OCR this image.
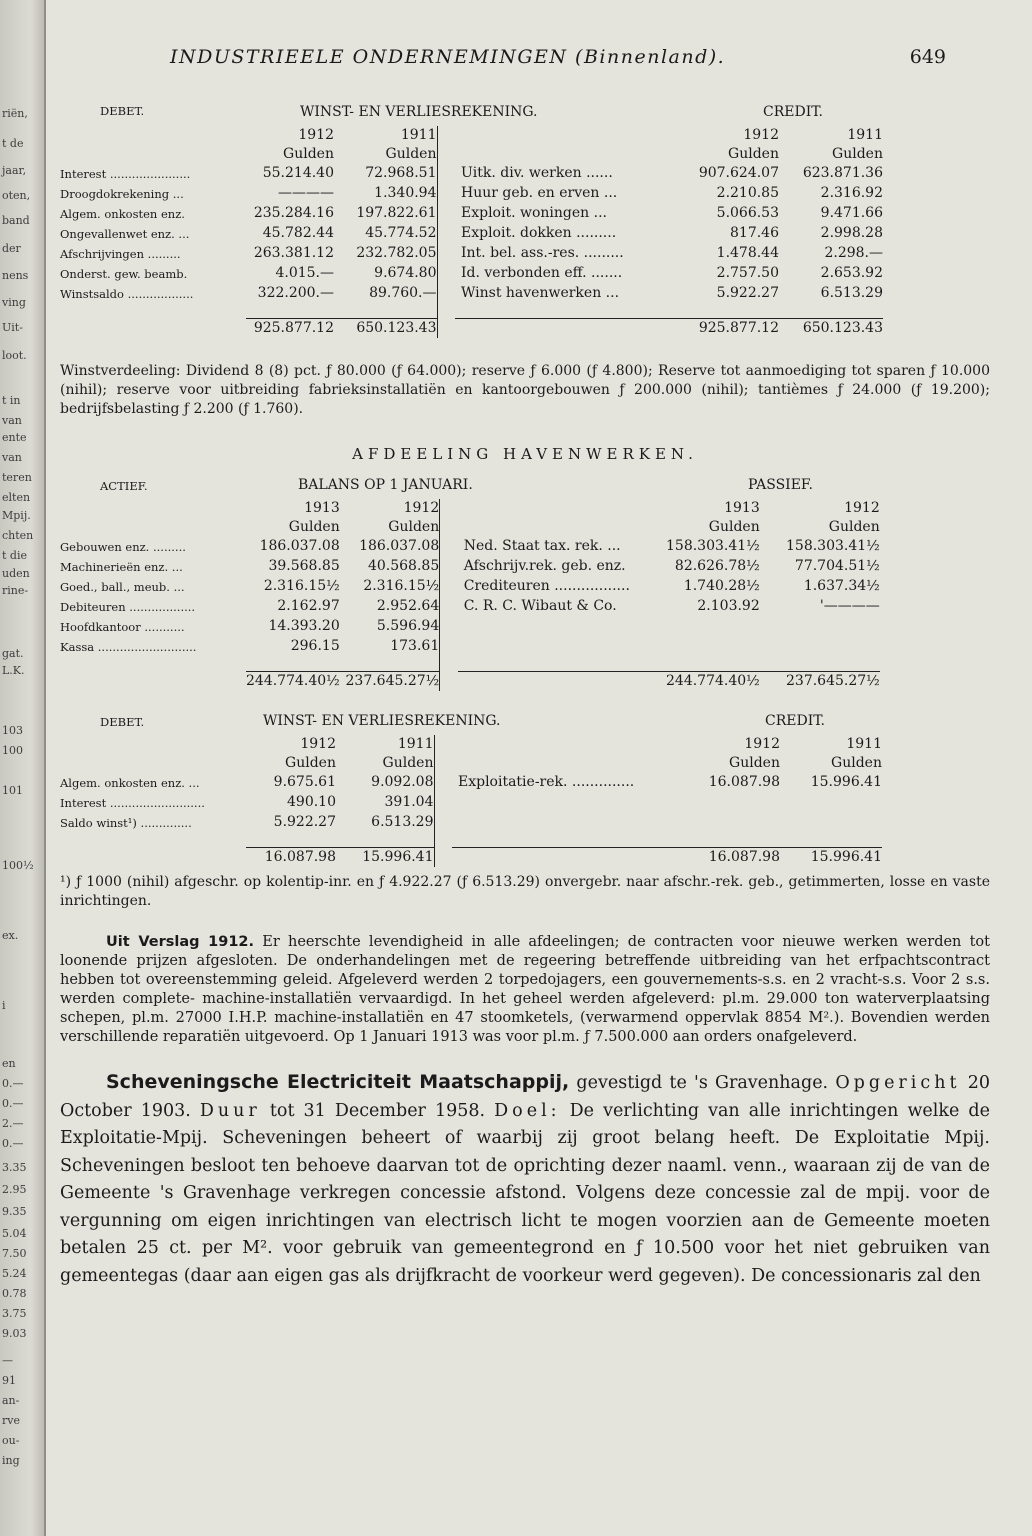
riën,
t de
jaar,
oten,
band
der
nens
ving
Uit-
loot.
t in
van
ente
van
teren
elten
Mpij.
chten
t die
uden
rine-
gat.
L.K.
103
100
101
100½
ex.
i
en
0.—
0.—
2.—
0.—
3.35
2.95
9.35
5.04
7.50
5.24
0.78
3.75
9.03
—
91
an-
rve
ou-
ing
INDUSTRIEELE ONDERNEMINGEN (Binnenland).	649
DEBET.	WINST- EN VERLIESREKENING.	CREDIT.
	1912	1911			1912	1911
	Gulden	Gulden			Gulden	Gulden
Interest ......................	55.214.40	72.968.51		Uitk. div. werken ......	907.624.07	623.871.36
Droogdokrekening ...	————	1.340.94		Huur geb. en erven ...	2.210.85	2.316.92
Algem. onkosten enz.	235.284.16	197.822.61		Exploit. woningen ...	5.066.53	9.471.66
Ongevallenwet enz. ...	45.782.44	45.774.52		Exploit. dokken .........	817.46	2.998.28
Afschrijvingen .........	263.381.12	232.782.05		Int. bel. ass.-res. .........	1.478.44	2.298.—
Onderst. gew. beamb.	4.015.—	9.674.80		Id. verbonden eff. .......	2.757.50	2.653.92
Winstsaldo ..................	322.200.—	89.760.—		Winst havenwerken ...	5.922.27	6.513.29

	925.877.12	650.123.43			925.877.12	650.123.43

Winstverdeeling: Dividend 8 (8) pct. ƒ 80.000 (ƒ 64.000); reserve ƒ 6.000 (ƒ 4.800); Reserve tot aanmoediging tot sparen ƒ 10.000 (nihil); reserve voor uitbreiding fabrieksinstallatiën en kantoorgebouwen ƒ 200.000 (nihil); tantièmes ƒ 24.000 (ƒ 19.200); bedrijfsbelasting ƒ 2.200 (ƒ 1.760).

AFDEELING HAVENWERKEN.
ACTIEF.	BALANS OP 1 JANUARI.	PASSIEF.
	1913	1912			1913	1912
	Gulden	Gulden			Gulden	Gulden
Gebouwen enz. .........	186.037.08	186.037.08		Ned. Staat tax. rek. ...	158.303.41½	158.303.41½
Machinerieën enz. ...	39.568.85	40.568.85		Afschrijv.rek. geb. enz.	82.626.78½	77.704.51½
Goed., ball., meub. ...	2.316.15½	2.316.15½		Crediteuren .................	1.740.28½	1.637.34½
Debiteuren ..................	2.162.97	2.952.64		C. R. C. Wibaut & Co.	2.103.92	'————
Hoofdkantoor ...........	14.393.20	5.596.94				
Kassa ...........................	296.15	173.61				

	244.774.40½	237.645.27½			244.774.40½	237.645.27½
DEBET.	WINST- EN VERLIESREKENING.	CREDIT.
	1912	1911			1912	1911
	Gulden	Gulden			Gulden	Gulden
Algem. onkosten enz. ...	9.675.61	9.092.08		Exploitatie-rek. ..............	16.087.98	15.996.41
Interest ..........................	490.10	391.04				
Saldo winst¹) ..............	5.922.27	6.513.29				

	16.087.98	15.996.41			16.087.98	15.996.41

¹) ƒ 1000 (nihil) afgeschr. op kolentip-inr. en ƒ 4.922.27 (ƒ 6.513.29) onvergebr. naar afschr.-rek. geb., getimmerten, losse en vaste inrichtingen.

Uit Verslag 1912. Er heerschte levendigheid in alle afdeelingen; de contracten voor nieuwe werken werden tot loonende prijzen afgesloten. De onderhandelingen met de regeering betreffende uitbreiding van het erfpachtscontract hebben tot overeenstemming geleid. Afgeleverd werden 2 torpedojagers, een gouvernements-s.s. en 2 vracht-s.s. Voor 2 s.s. werden complete- machine-installatiën vervaardigd. In het geheel werden afgeleverd: pl.m. 29.000 ton waterverplaatsing schepen, pl.m. 27000 I.H.P. machine-installatiën en 47 stoomketels, (verwarmend oppervlak 8854 M².). Bovendien werden verschillende reparatiën uitgevoerd. Op 1 Januari 1913 was voor pl.m. ƒ 7.500.000 aan orders onafgeleverd.

Scheveningsche Electriciteit Maatschappij, gevestigd te 's Gravenhage. Opgericht 20 October 1903. Duur tot 31 December 1958. Doel: De verlichting van alle inrichtingen welke de Exploitatie-Mpij. Scheveningen beheert of waarbij zij groot belang heeft. De Exploitatie Mpij. Scheveningen besloot ten behoeve daarvan tot de oprichting dezer naaml. venn., waaraan zij de van de Gemeente 's Gravenhage verkregen concessie afstond. Volgens deze concessie zal de mpij. voor de vergunning om eigen inrichtingen van electrisch licht te mogen voorzien aan de Gemeente moeten betalen 25 ct. per M². voor gebruik van gemeentegrond en ƒ 10.500 voor het niet gebruiken van gemeentegas (daar aan eigen gas als drijfkracht de voorkeur werd gegeven). De concessionaris zal den
